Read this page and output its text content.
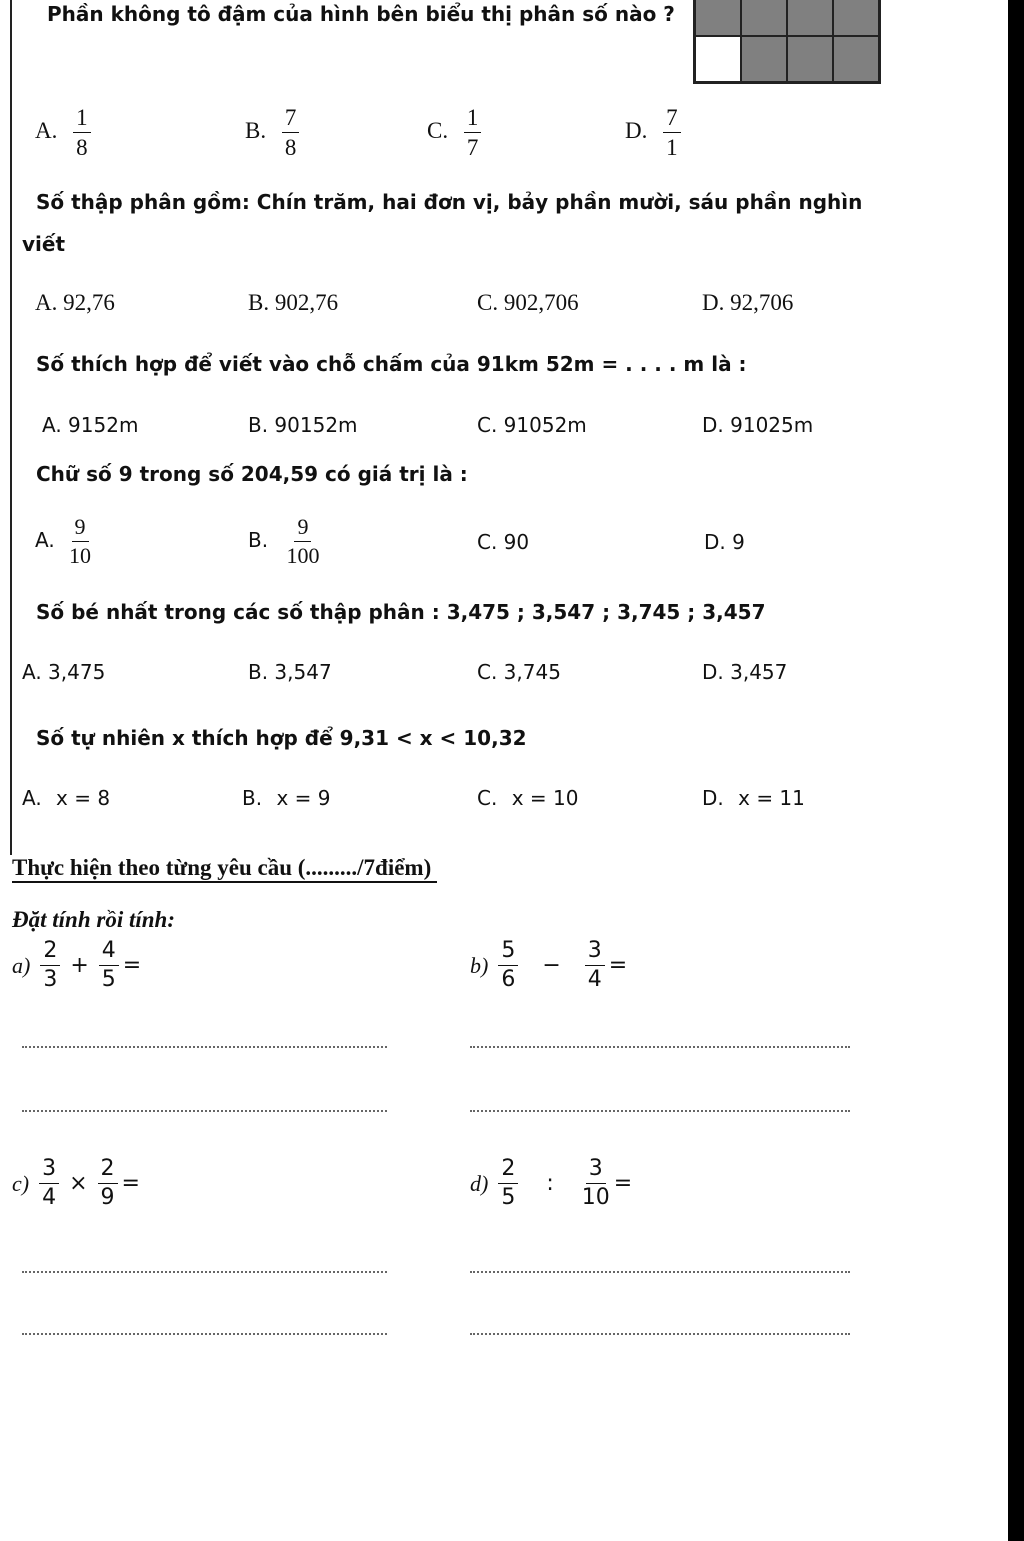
Phần không tô đậm của hình bên biểu thị phân số nào ?
A. $\frac{1}{8}$	B. $\frac{7}{8}$	C. $\frac{1}{7}$	D. $\frac{7}{1}$
Số thập phân gồm: Chín trăm, hai đơn vị, bảy phần mười, sáu phần nghìn
viết
A. 92,76	B. 902,76	C. 902,706	D. 92,706
Số thích hợp để viết vào chỗ chấm của 91km 52m = . . . . m là :
A. 9152m	B. 90152m	C. 91052m	D. 91025m
Chữ số 9 trong số 204,59 có giá trị là :
A. $\frac{9}{10}$	B. $\frac{9}{100}$	C. 90	D. 9
Số bé nhất trong các số thập phân : 3,475 ; 3,547 ; 3,745 ; 3,457
A. 3,475	B. 3,547	C. 3,745	D. 3,457
Số tự nhiên x thích hợp để 9,31 < x < 10,32
A. x = 8	B. x = 9	C. x = 10	D. x = 11
Thực hiện theo từng yêu cầu (........./7điểm)
Đặt tính rồi tính:
$a) \frac{2}{3} + \frac{4}{5}$ =	$b) \frac{5}{6} - \frac{3}{4}$ =
$c) \frac{3}{4} \times \frac{2}{9}$ =	$d) \frac{2}{5}$ : $\frac{3}{10}$ =
